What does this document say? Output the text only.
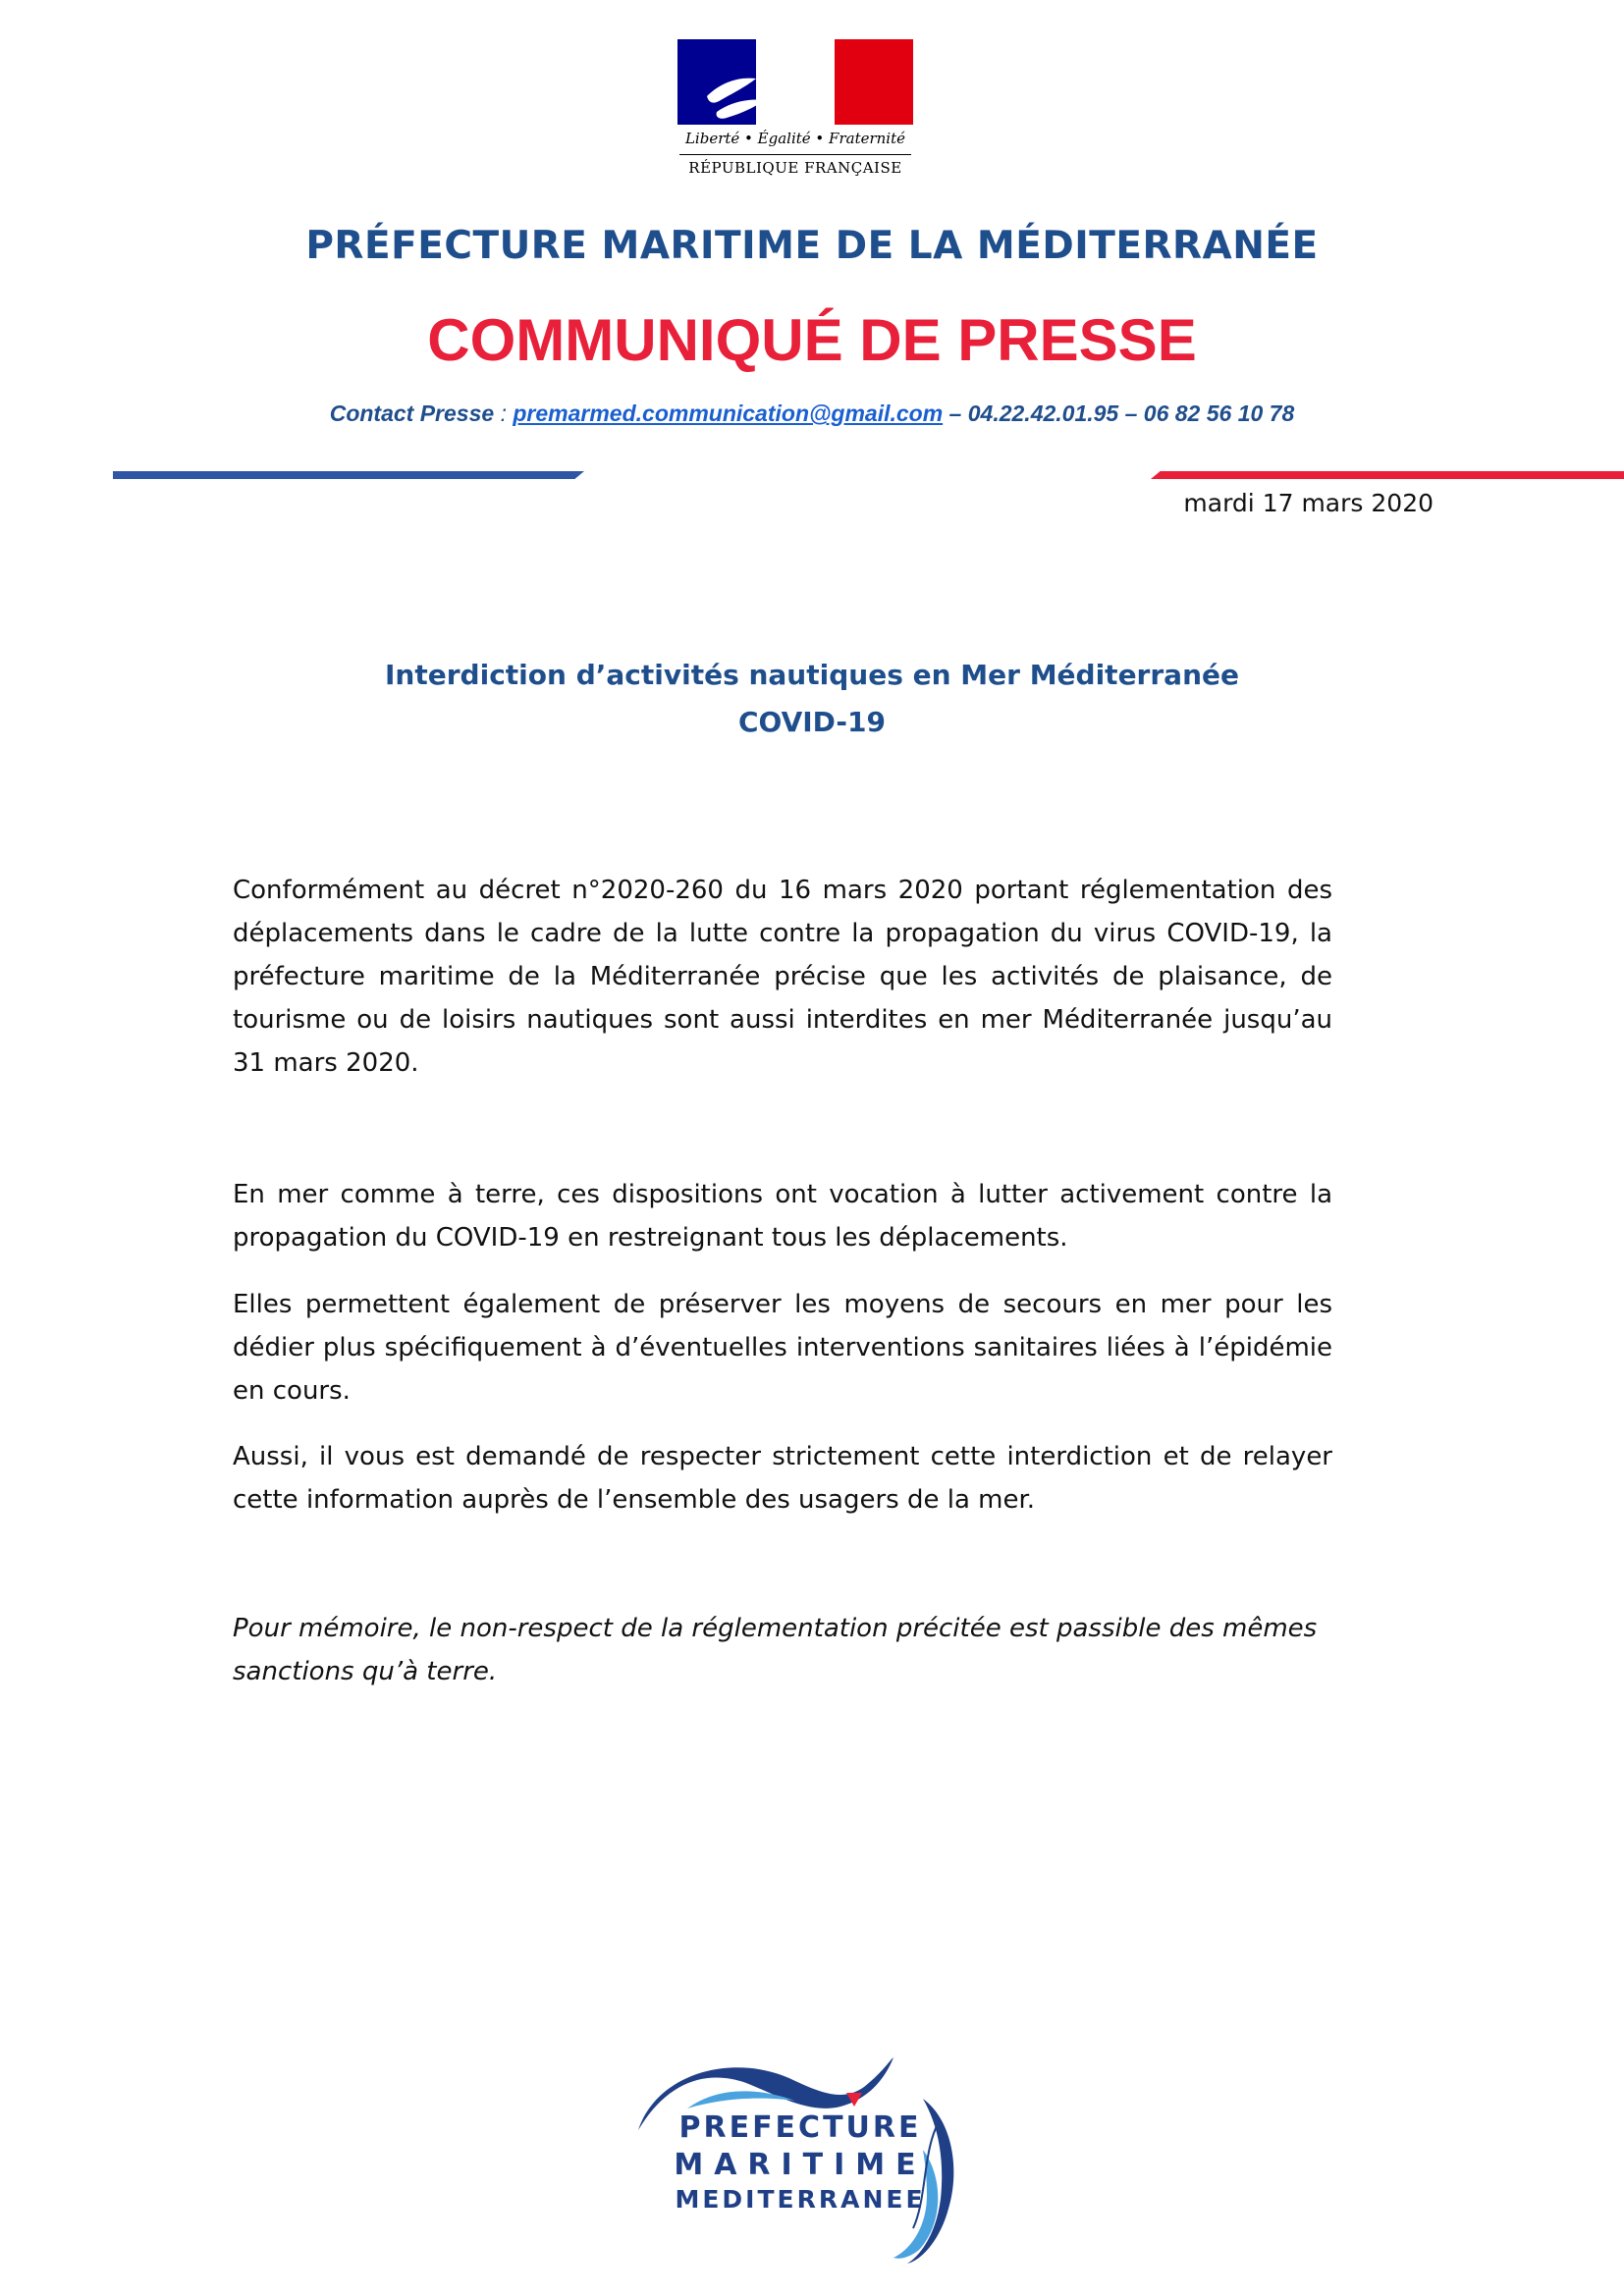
Liberté • Égalité • Fraternité
RÉPUBLIQUE FRANÇAISE
PRÉFECTURE MARITIME DE LA MÉDITERRANÉE
COMMUNIQUÉ DE PRESSE
Contact Presse : premarmed.communication@gmail.com – 04.22.42.01.95 – 06 82 56 10 78
mardi 17 mars 2020
Interdiction d’activités nautiques en Mer Méditerranée
COVID-19

Conformément au décret n°2020-260 du 16 mars 2020 portant réglementation des déplacements dans le cadre de la lutte contre la propagation du virus COVID-19, la préfecture maritime de la Méditerranée précise que les activités de plaisance, de tourisme ou de loisirs nautiques sont aussi interdites en mer Méditerranée jusqu’au 31 mars 2020.

En mer comme à terre, ces dispositions ont vocation à lutter activement contre la propagation du COVID-19 en restreignant tous les déplacements.

Elles permettent également de préserver les moyens de secours en mer pour les dédier plus spécifiquement à d’éventuelles interventions sanitaires liées à l’épidémie en cours.

Aussi, il vous est demandé de respecter strictement cette interdiction et de relayer cette information auprès de l’ensemble des usagers de la mer.

Pour mémoire, le non-respect de la réglementation précitée est passible des mêmes sanctions qu’à terre.

PREFECTURE
MARITIME
MEDITERRANEE
